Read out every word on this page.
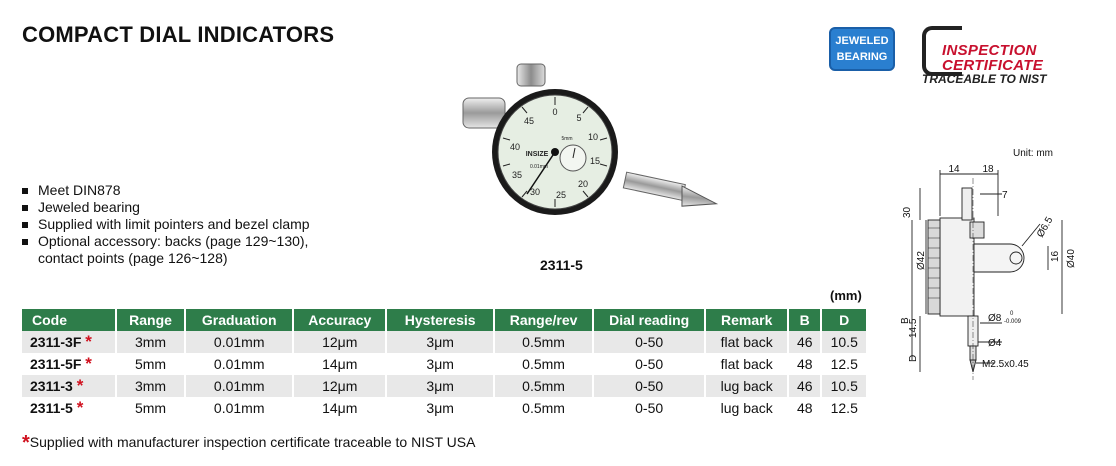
COMPACT DIAL INDICATORS	JEWELED
BEARING	INSPECTION
CERTIFICATE
TRACEABLE TO NIST
Meet DIN878
Jeweled bearing
Supplied with limit pointers and bezel clamp
Optional accessory: backs (page 129~130),
contact points (page 126~128)
0
5
10
15
20
25
30
35
40
45
INSIZE
5mm
0.01mm
2311-5
Unit: mm
14 18
7
30
Ø42
Ø6.5
16 Ø40
B
14.5
Ø8 0
-0.009
Ø4
D
M2.5x0.45
(mm)
Code	Range	Graduation	Accuracy	Hysteresis	Range/rev	Dial reading	Remark	B	D
2311-3F *	3mm	0.01mm	12μm	3μm	0.5mm	0-50	flat back	46	10.5
2311-5F *	5mm	0.01mm	14μm	3μm	0.5mm	0-50	flat back	48	12.5
2311-3 *	3mm	0.01mm	12μm	3μm	0.5mm	0-50	lug back	46	10.5
2311-5 *	5mm	0.01mm	14μm	3μm	0.5mm	0-50	lug back	48	12.5
*Supplied with manufacturer inspection certificate traceable to NIST USA
